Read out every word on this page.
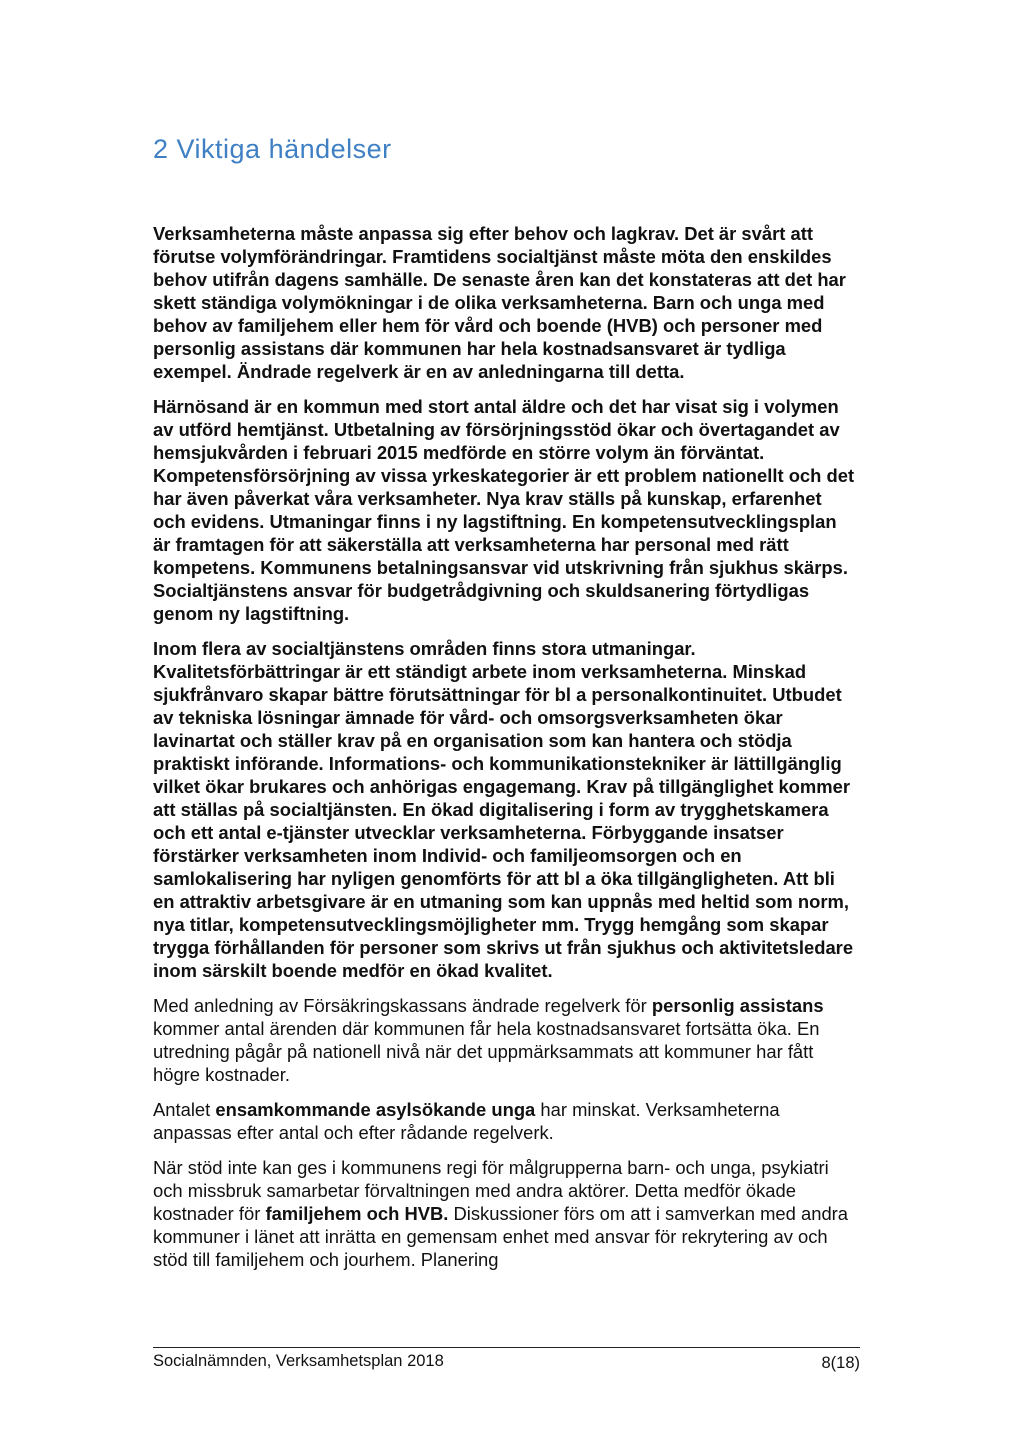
2 Viktiga händelser

Verksamheterna måste anpassa sig efter behov och lagkrav. Det är svårt att förutse volymförändringar. Framtidens socialtjänst måste möta den enskildes behov utifrån dagens samhälle. De senaste åren kan det konstateras att det har skett ständiga volymökningar i de olika verksamheterna. Barn och unga med behov av familjehem eller hem för vård och boende (HVB) och personer med personlig assistans där kommunen har hela kostnadsansvaret är tydliga exempel. Ändrade regelverk är en av anledningarna till detta.

Härnösand är en kommun med stort antal äldre och det har visat sig i volymen av utförd hemtjänst. Utbetalning av försörjningsstöd ökar och övertagandet av hemsjukvården i februari 2015 medförde en större volym än förväntat. Kompetensförsörjning av vissa yrkeskategorier är ett problem nationellt och det har även påverkat våra verksamheter. Nya krav ställs på kunskap, erfarenhet och evidens. Utmaningar finns i ny lagstiftning. En kompetensutvecklingsplan är framtagen för att säkerställa att verksamheterna har personal med rätt kompetens. Kommunens betalningsansvar vid utskrivning från sjukhus skärps. Socialtjänstens ansvar för budgetrådgivning och skuldsanering förtydligas genom ny lagstiftning.

Inom flera av socialtjänstens områden finns stora utmaningar. Kvalitetsförbättringar är ett ständigt arbete inom verksamheterna. Minskad sjukfrånvaro skapar bättre förutsättningar för bl a personalkontinuitet. Utbudet av tekniska lösningar ämnade för vård- och omsorgsverksamheten ökar lavinartat och ställer krav på en organisation som kan hantera och stödja praktiskt införande. Informations- och kommunikationstekniker är lättillgänglig vilket ökar brukares och anhörigas engagemang. Krav på tillgänglighet kommer att ställas på socialtjänsten. En ökad digitalisering i form av trygghetskamera och ett antal e-tjänster utvecklar verksamheterna. Förbyggande insatser förstärker verksamheten inom Individ- och familjeomsorgen och en samlokalisering har nyligen genomförts för att bl a öka tillgängligheten. Att bli en attraktiv arbetsgivare är en utmaning som kan uppnås med heltid som norm, nya titlar, kompetensutvecklingsmöjligheter mm. Trygg hemgång som skapar trygga förhållanden för personer som skrivs ut från sjukhus och aktivitetsledare inom särskilt boende medför en ökad kvalitet.

Med anledning av Försäkringskassans ändrade regelverk för personlig assistans kommer antal ärenden där kommunen får hela kostnadsansvaret fortsätta öka. En utredning pågår på nationell nivå när det uppmärksammats att kommuner har fått högre kostnader.

Antalet ensamkommande asylsökande unga har minskat. Verksamheterna anpassas efter antal och efter rådande regelverk.

När stöd inte kan ges i kommunens regi för målgrupperna barn- och unga, psykiatri och missbruk samarbetar förvaltningen med andra aktörer. Detta medför ökade kostnader för familjehem och HVB. Diskussioner förs om att i samverkan med andra kommuner i länet att inrätta en gemensam enhet med ansvar för rekrytering av och stöd till familjehem och jourhem. Planering

Socialnämnden, Verksamhetsplan 2018	8(18)
